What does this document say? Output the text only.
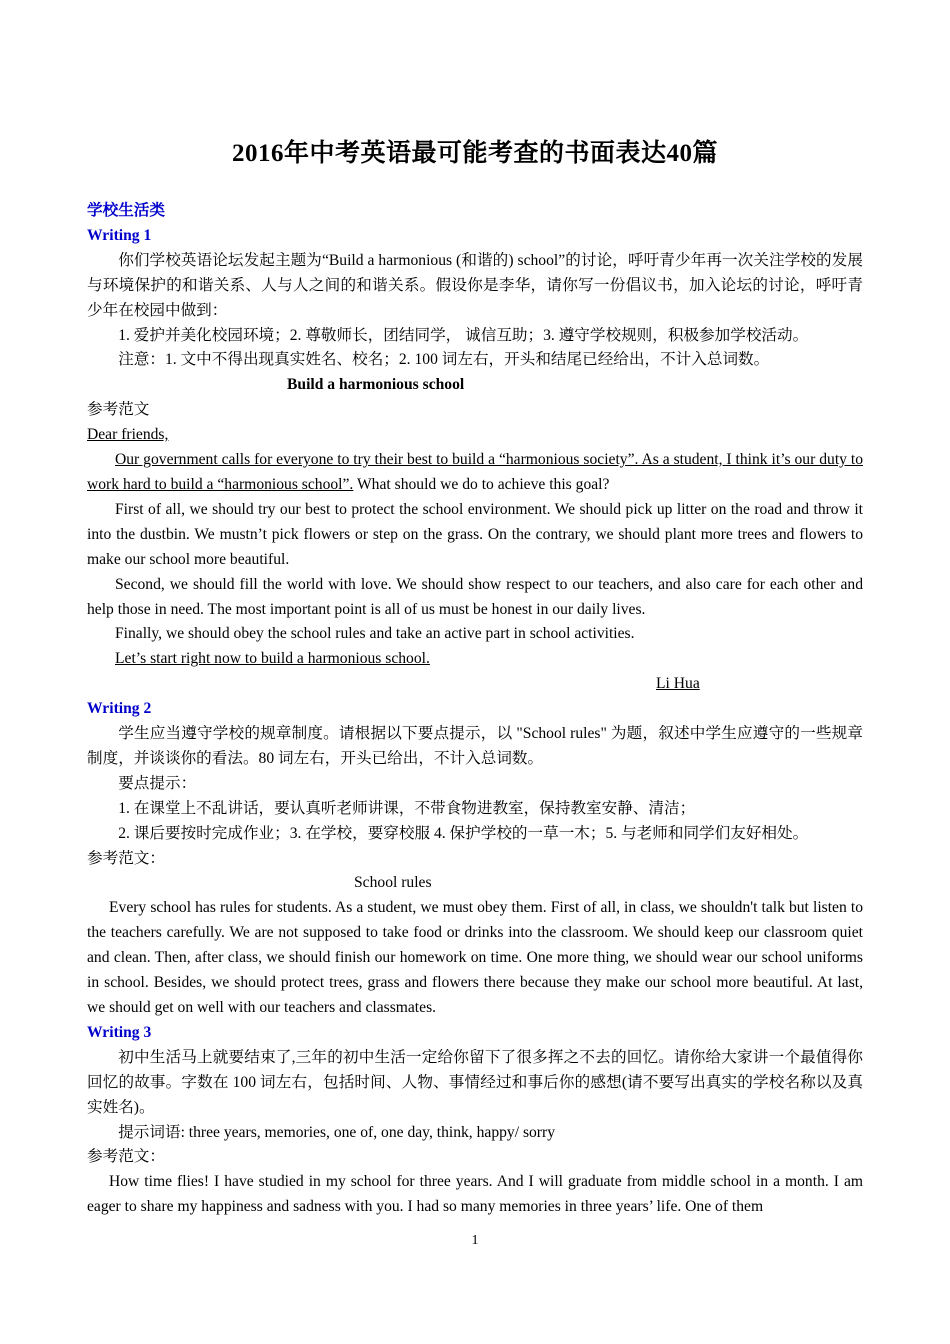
2016年中考英语最可能考查的书面表达40篇

学校生活类

Writing 1

你们学校英语论坛发起主题为“Build a harmonious (和谐的) school”的讨论，呼吁青少年再一次关注学校的发展与环境保护的和谐关系、人与人之间的和谐关系。假设你是李华，请你写一份倡议书，加入论坛的讨论，呼吁青少年在校园中做到：

1. 爱护并美化校园环境；2. 尊敬师长，团结同学， 诚信互助；3. 遵守学校规则，积极参加学校活动。

注意：1. 文中不得出现真实姓名、校名；2. 100 词左右，开头和结尾已经给出，不计入总词数。

Build a harmonious school

参考范文

Dear friends,

Our government calls for everyone to try their best to build a “harmonious society”. As a student, I think it’s our duty to work hard to build a “harmonious school”. What should we do to achieve this goal?

First of all, we should try our best to protect the school environment. We should pick up litter on the road and throw it into the dustbin. We mustn’t pick flowers or step on the grass. On the contrary, we should plant more trees and flowers to make our school more beautiful.

Second, we should fill the world with love. We should show respect to our teachers, and also care for each other and help those in need. The most important point is all of us must be honest in our daily lives.

Finally, we should obey the school rules and take an active part in school activities.

Let’s start right now to build a harmonious school.

Li Hua

Writing 2

学生应当遵守学校的规章制度。请根据以下要点提示，以 "School rules" 为题，叙述中学生应遵守的一些规章制度，并谈谈你的看法。80 词左右，开头已给出，不计入总词数。

要点提示：

1. 在课堂上不乱讲话，要认真听老师讲课，不带食物进教室，保持教室安静、清洁；

2. 课后要按时完成作业；3. 在学校，要穿校服 4. 保护学校的一草一木；5. 与老师和同学们友好相处。

参考范文：

School rules

Every school has rules for students. As a student, we must obey them. First of all, in class, we shouldn't talk but listen to the teachers carefully. We are not supposed to take food or drinks into the classroom. We should keep our classroom quiet and clean. Then, after class, we should finish our homework on time. One more thing, we should wear our school uniforms in school. Besides, we should protect trees, grass and flowers there because they make our school more beautiful. At last, we should get on well with our teachers and classmates.

Writing 3

初中生活马上就要结束了,三年的初中生活一定给你留下了很多挥之不去的回忆。请你给大家讲一个最值得你回忆的故事。字数在 100 词左右，包括时间、人物、事情经过和事后你的感想(请不要写出真实的学校名称以及真实姓名)。

提示词语: three years, memories, one of, one day, think, happy/ sorry

参考范文：

How time flies! I have studied in my school for three years. And I will graduate from middle school in a month. I am eager to share my happiness and sadness with you. I had so many memories in three years’ life. One of them

1
